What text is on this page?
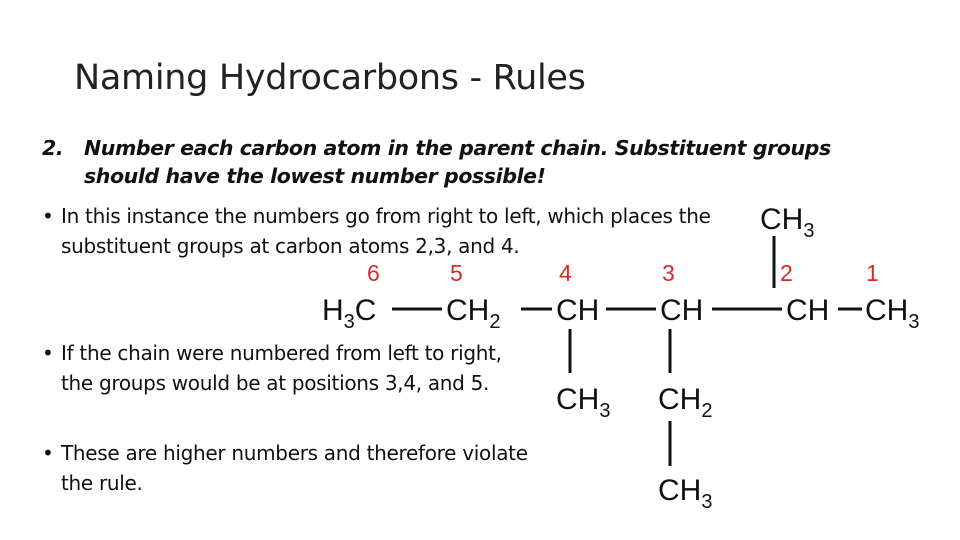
Naming Hydrocarbons - Rules
2. Number each carbon atom in the parent chain. Substituent groups should have the lowest number possible!
• In this instance the numbers go from right to left, which places the substituent groups at carbon atoms 2,3, and 4.
• If the chain were numbered from left to right, the groups would be at positions 3,4, and 5.
• These are higher numbers and therefore violate the rule.
6	5	4	3	2	1
$CH_3$
$H_3C$ $CH_2$ CH CH	CH $CH_3$
$CH_3$ $CH_2$
$CH_3$
